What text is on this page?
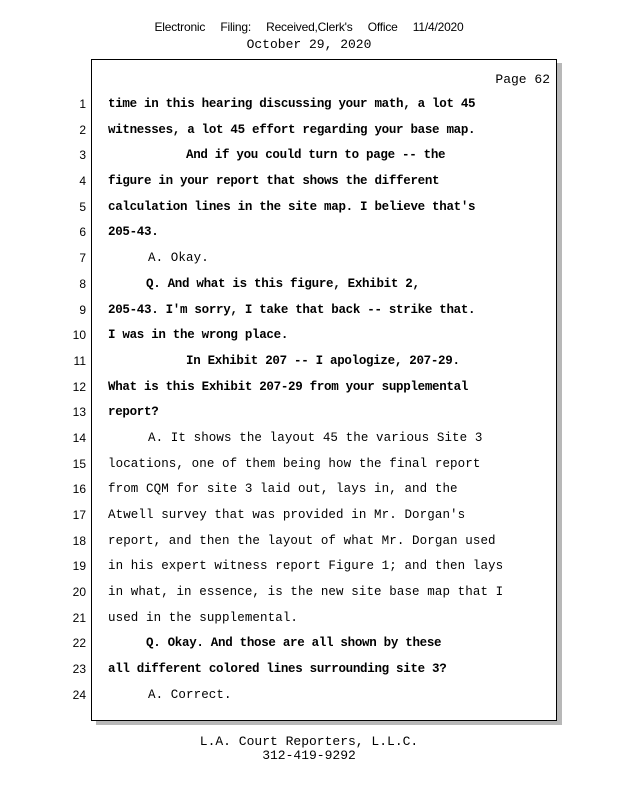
Electronic Filing: Received,Clerk's Office 11/4/2020
October 29, 2020
Page 62
1
2
3
4
5
6
7
8
9
10
11
12
13
14
15
16
17
18
19
20
21
22
23
24
time in this hearing discussing your math, a lot 45
witnesses, a lot 45 effort regarding your base map.
And if you could turn to page -- the
figure in your report that shows the different
calculation lines in the site map. I believe that's
205-43.
A. Okay.
Q. And what is this figure, Exhibit 2,
205-43. I'm sorry, I take that back -- strike that.
I was in the wrong place.
In Exhibit 207 -- I apologize, 207-29.
What is this Exhibit 207-29 from your supplemental
report?
A. It shows the layout 45 the various Site 3
locations, one of them being how the final report
from CQM for site 3 laid out, lays in, and the
Atwell survey that was provided in Mr. Dorgan's
report, and then the layout of what Mr. Dorgan used
in his expert witness report Figure 1; and then lays
in what, in essence, is the new site base map that I
used in the supplemental.
Q. Okay. And those are all shown by these
all different colored lines surrounding site 3?
A. Correct.
L.A. Court Reporters, L.L.C.
312-419-9292
